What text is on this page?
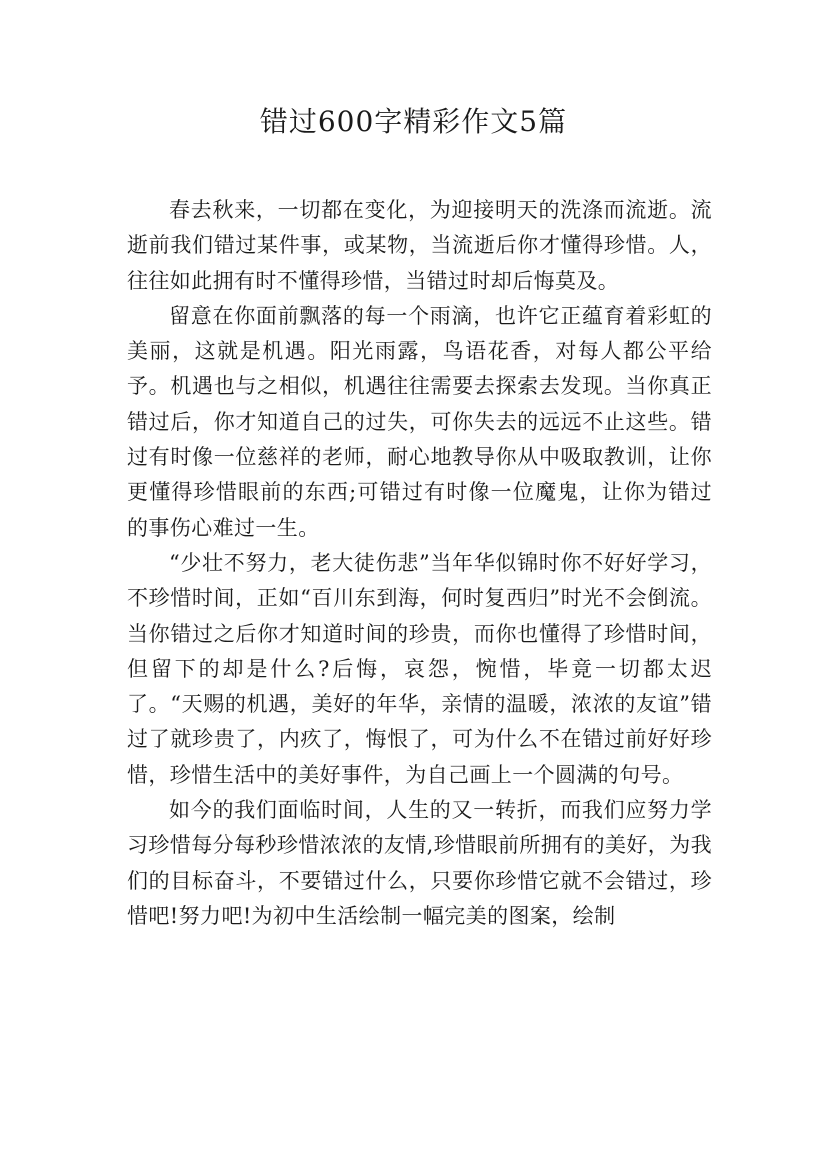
错过600字精彩作文5篇

春去秋来，一切都在变化，为迎接明天的洗涤而流逝。流逝前我们错过某件事，或某物，当流逝后你才懂得珍惜。人，往往如此拥有时不懂得珍惜，当错过时却后悔莫及。

留意在你面前飘落的每一个雨滴，也许它正蕴育着彩虹的美丽，这就是机遇。阳光雨露，鸟语花香，对每人都公平给予。机遇也与之相似，机遇往往需要去探索去发现。当你真正错过后，你才知道自己的过失，可你失去的远远不止这些。错过有时像一位慈祥的老师，耐心地教导你从中吸取教训，让你更懂得珍惜眼前的东西;可错过有时像一位魔鬼，让你为错过的事伤心难过一生。

“少壮不努力，老大徒伤悲”当年华似锦时你不好好学习，不珍惜时间，正如“百川东到海，何时复西归”时光不会倒流。当你错过之后你才知道时间的珍贵，而你也懂得了珍惜时间，但留下的却是什么?后悔，哀怨，惋惜，毕竟一切都太迟了。“天赐的机遇，美好的年华，亲情的温暖，浓浓的友谊”错过了就珍贵了，内疚了，悔恨了，可为什么不在错过前好好珍惜，珍惜生活中的美好事件，为自己画上一个圆满的句号。

如今的我们面临时间，人生的又一转折，而我们应努力学习珍惜每分每秒珍惜浓浓的友情,珍惜眼前所拥有的美好，为我们的目标奋斗，不要错过什么，只要你珍惜它就不会错过，珍惜吧!努力吧!为初中生活绘制一幅完美的图案，绘制
